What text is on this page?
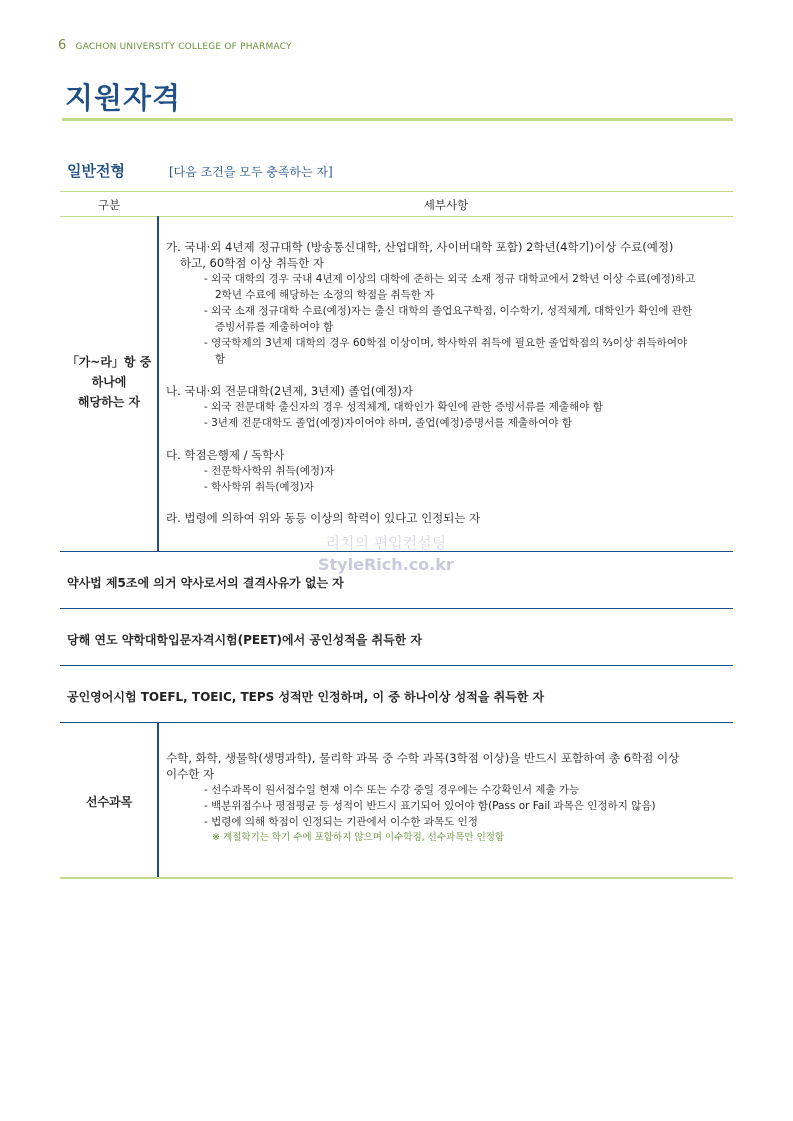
6 GACHON UNIVERSITY COLLEGE OF PHARMACY
지원자격
일반전형	[다음 조건을 모두 충족하는 자]
구분	세부사항
「가~라」항 중
하나에
해당하는 자

가. 국내·외 4년제 정규대학 (방송통신대학, 산업대학, 사이버대학 포함) 2학년(4학기)이상 수료(예정)

하고, 60학점 이상 취득한 자

- 외국 대학의 경우 국내 4년제 이상의 대학에 준하는 외국 소재 정규 대학교에서 2학년 이상 수료(예정)하고
2학년 수료에 해당하는 소정의 학점을 취득한 자

- 외국 소재 정규대학 수료(예정)자는 출신 대학의 졸업요구학점, 이수학기, 성적체계, 대학인가 확인에 관한
증빙서류를 제출하여야 함

- 영국학제의 3년제 대학의 경우 60학점 이상이며, 학사학위 취득에 필요한 졸업학점의 ⅔이상 취득하여야
함

나. 국내·외 전문대학(2년제, 3년제) 졸업(예정)자

- 외국 전문대학 출신자의 경우 성적체계, 대학인가 확인에 관한 증빙서류를 제출해야 함

- 3년제 전문대학도 졸업(예정)자이어야 하며, 졸업(예정)증명서를 제출하여야 함

다. 학점은행제 / 독학사

- 전문학사학위 취득(예정)자

- 학사학위 취득(예정)자

라. 법령에 의하여 위와 동등 이상의 학력이 있다고 인정되는 자

리치의 편입컨설팅
StyleRich.co.kr
약사법 제5조에 의거 약사로서의 결격사유가 없는 자
당해 연도 약학대학입문자격시험(PEET)에서 공인성적을 취득한 자
공인영어시험 TOEFL, TOEIC, TEPS 성적만 인정하며, 이 중 하나이상 성적을 취득한 자
선수과목

수학, 화학, 생물학(생명과학), 물리학 과목 중 수학 과목(3학점 이상)을 반드시 포함하여 총 6학점 이상

이수한 자

- 선수과목이 원서접수일 현재 이수 또는 수강 중일 경우에는 수강확인서 제출 가능

- 백분위점수나 평점평균 등 성적이 반드시 표기되어 있어야 함(Pass or Fail 과목은 인정하지 않음)

- 법령에 의해 학점이 인정되는 기관에서 이수한 과목도 인정

※ 계절학기는 학기 수에 포함하지 않으며 이수학점, 선수과목만 인정함
